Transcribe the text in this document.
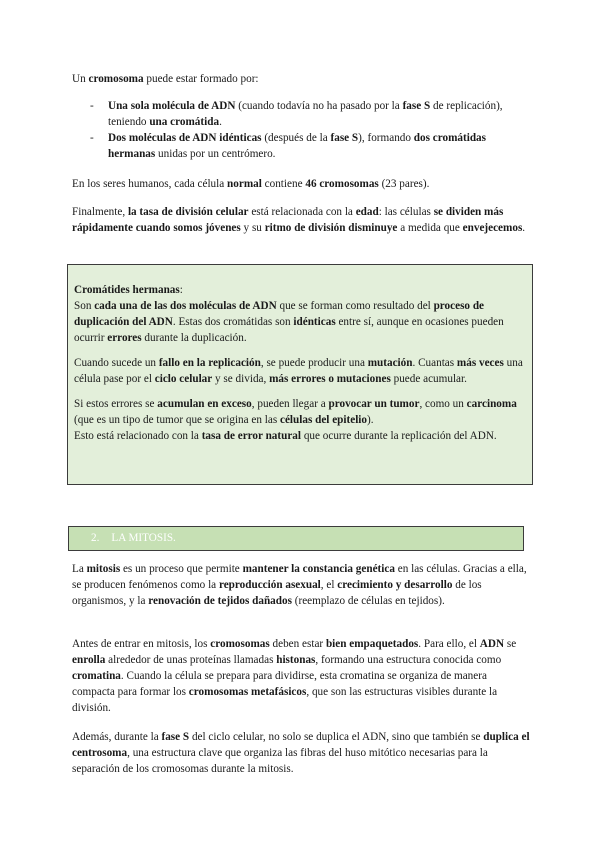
Un cromosoma puede estar formado por:

- Una sola molécula de ADN (cuando todavía no ha pasado por la fase S de replicación), teniendo una cromátida.
- Dos moléculas de ADN idénticas (después de la fase S), formando dos cromátidas hermanas unidas por un centrómero.

En los seres humanos, cada célula normal contiene 46 cromosomas (23 pares).

Finalmente, la tasa de división celular está relacionada con la edad: las células se dividen más rápidamente cuando somos jóvenes y su ritmo de división disminuye a medida que envejecemos.

Cromátides hermanas:

Son cada una de las dos moléculas de ADN que se forman como resultado del proceso de duplicación del ADN. Estas dos cromátidas son idénticas entre sí, aunque en ocasiones pueden ocurrir errores durante la duplicación.

Cuando sucede un fallo en la replicación, se puede producir una mutación. Cuantas más veces una célula pase por el ciclo celular y se divida, más errores o mutaciones puede acumular.

Si estos errores se acumulan en exceso, pueden llegar a provocar un tumor, como un carcinoma (que es un tipo de tumor que se origina en las células del epitelio).

Esto está relacionado con la tasa de error natural que ocurre durante la replicación del ADN.

2. LA MITOSIS.

La mitosis es un proceso que permite mantener la constancia genética en las células. Gracias a ella, se producen fenómenos como la reproducción asexual, el crecimiento y desarrollo de los organismos, y la renovación de tejidos dañados (reemplazo de células en tejidos).

Antes de entrar en mitosis, los cromosomas deben estar bien empaquetados. Para ello, el ADN se enrolla alrededor de unas proteínas llamadas histonas, formando una estructura conocida como cromatina. Cuando la célula se prepara para dividirse, esta cromatina se organiza de manera compacta para formar los cromosomas metafásicos, que son las estructuras visibles durante la división.

Además, durante la fase S del ciclo celular, no solo se duplica el ADN, sino que también se duplica el centrosoma, una estructura clave que organiza las fibras del huso mitótico necesarias para la separación de los cromosomas durante la mitosis.
